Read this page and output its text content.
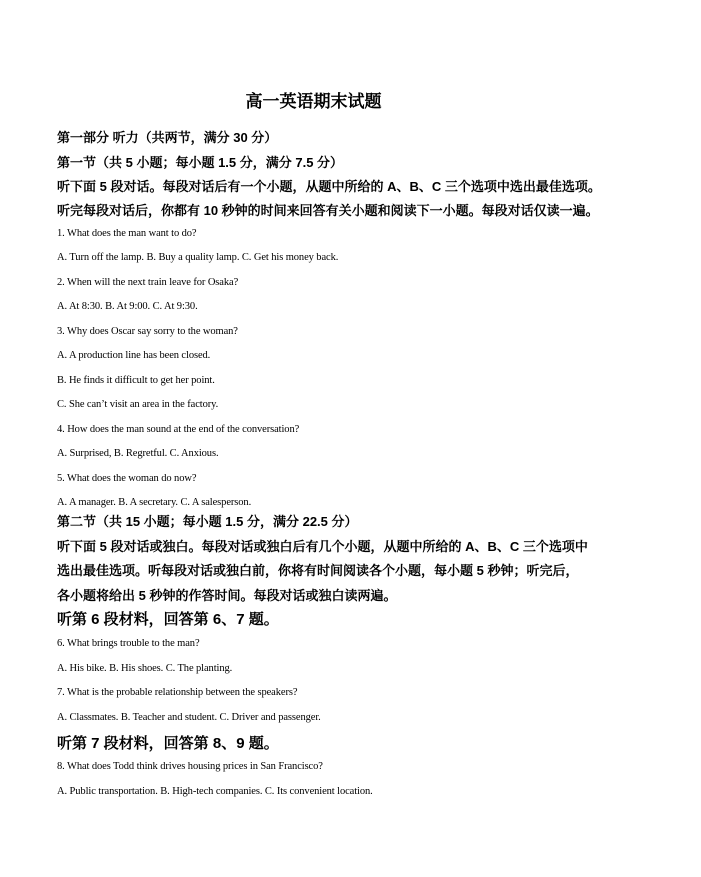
高一英语期末试题
第一部分 听力（共两节，满分 30 分）
第一节（共 5 小题；每小题 1.5 分，满分 7.5 分）
听下面 5 段对话。每段对话后有一个小题，从题中所给的 A、B、C 三个选项中选出最佳选项。
听完每段对话后，你都有 10 秒钟的时间来回答有关小题和阅读下一小题。每段对话仅读一遍。
1. What does the man want to do?
A. Turn off the lamp. B. Buy a quality lamp. C. Get his money back.
2. When will the next train leave for Osaka?
A. At 8:30. B. At 9:00. C. At 9:30.
3. Why does Oscar say sorry to the woman?
A. A production line has been closed.
B. He finds it difficult to get her point.
C. She can’t visit an area in the factory.
4. How does the man sound at the end of the conversation?
A. Surprised, B. Regretful. C. Anxious.
5. What does the woman do now?
A. A manager. B. A secretary. C. A salesperson.
第二节（共 15 小题；每小题 1.5 分，满分 22.5 分）
听下面 5 段对话或独白。每段对话或独白后有几个小题，从题中所给的 A、B、C 三个选项中
选出最佳选项。听每段对话或独白前，你将有时间阅读各个小题，每小题 5 秒钟；听完后，
各小题将给出 5 秒钟的作答时间。每段对话或独白读两遍。
听第 6 段材料，回答第 6、7 题。
6. What brings trouble to the man?
A. His bike. B. His shoes. C. The planting.
7. What is the probable relationship between the speakers?
A. Classmates. B. Teacher and student. C. Driver and passenger.
听第 7 段材料，回答第 8、9 题。
8. What does Todd think drives housing prices in San Francisco?
A. Public transportation. B. High-tech companies. C. Its convenient location.
